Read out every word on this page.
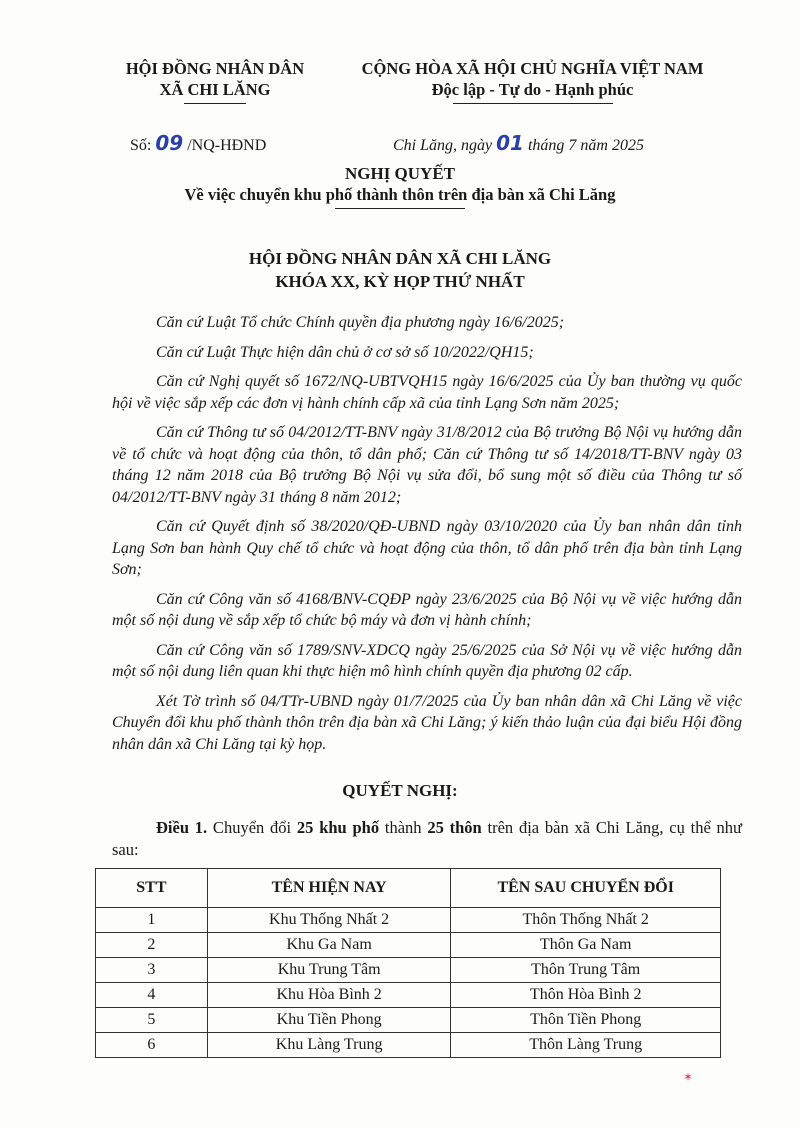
HỘI ĐỒNG NHÂN DÂN
XÃ CHI LĂNG
CỘNG HÒA XÃ HỘI CHỦ NGHĨA VIỆT NAM
Độc lập - Tự do - Hạnh phúc
Số: 09 /NQ-HĐND	Chi Lăng, ngày 01 tháng 7 năm 2025
NGHỊ QUYẾT
Về việc chuyển khu phố thành thôn trên địa bàn xã Chi Lăng
HỘI ĐỒNG NHÂN DÂN XÃ CHI LĂNG
KHÓA XX, KỲ HỌP THỨ NHẤT

Căn cứ Luật Tổ chức Chính quyền địa phương ngày 16/6/2025;

Căn cứ Luật Thực hiện dân chủ ở cơ sở số 10/2022/QH15;

Căn cứ Nghị quyết số 1672/NQ-UBTVQH15 ngày 16/6/2025 của Ủy ban thường vụ quốc hội về việc sắp xếp các đơn vị hành chính cấp xã của tỉnh Lạng Sơn năm 2025;

Căn cứ Thông tư số 04/2012/TT-BNV ngày 31/8/2012 của Bộ trưởng Bộ Nội vụ hướng dẫn về tổ chức và hoạt động của thôn, tổ dân phố; Căn cứ Thông tư số 14/2018/TT-BNV ngày 03 tháng 12 năm 2018 của Bộ trưởng Bộ Nội vụ sửa đổi, bổ sung một số điều của Thông tư số 04/2012/TT-BNV ngày 31 tháng 8 năm 2012;

Căn cứ Quyết định số 38/2020/QĐ-UBND ngày 03/10/2020 của Ủy ban nhân dân tỉnh Lạng Sơn ban hành Quy chế tổ chức và hoạt động của thôn, tổ dân phố trên địa bàn tỉnh Lạng Sơn;

Căn cứ Công văn số 4168/BNV-CQĐP ngày 23/6/2025 của Bộ Nội vụ về việc hướng dẫn một số nội dung về sắp xếp tổ chức bộ máy và đơn vị hành chính;

Căn cứ Công văn số 1789/SNV-XDCQ ngày 25/6/2025 của Sở Nội vụ về việc hướng dẫn một số nội dung liên quan khi thực hiện mô hình chính quyền địa phương 02 cấp.

Xét Tờ trình số 04/TTr-UBND ngày 01/7/2025 của Ủy ban nhân dân xã Chi Lăng về việc Chuyển đổi khu phố thành thôn trên địa bàn xã Chi Lăng; ý kiến thảo luận của đại biểu Hội đồng nhân dân xã Chi Lăng tại kỳ họp.

QUYẾT NGHỊ:
Điều 1. Chuyển đổi 25 khu phố thành 25 thôn trên địa bàn xã Chi Lăng, cụ thể như sau:
STT	TÊN HIỆN NAY	TÊN SAU CHUYỂN ĐỔI
1	Khu Thống Nhất 2	Thôn Thống Nhất 2
2	Khu Ga Nam	Thôn Ga Nam
3	Khu Trung Tâm	Thôn Trung Tâm
4	Khu Hòa Bình 2	Thôn Hòa Bình 2
5	Khu Tiền Phong	Thôn Tiền Phong
6	Khu Làng Trung	Thôn Làng Trung
✶
